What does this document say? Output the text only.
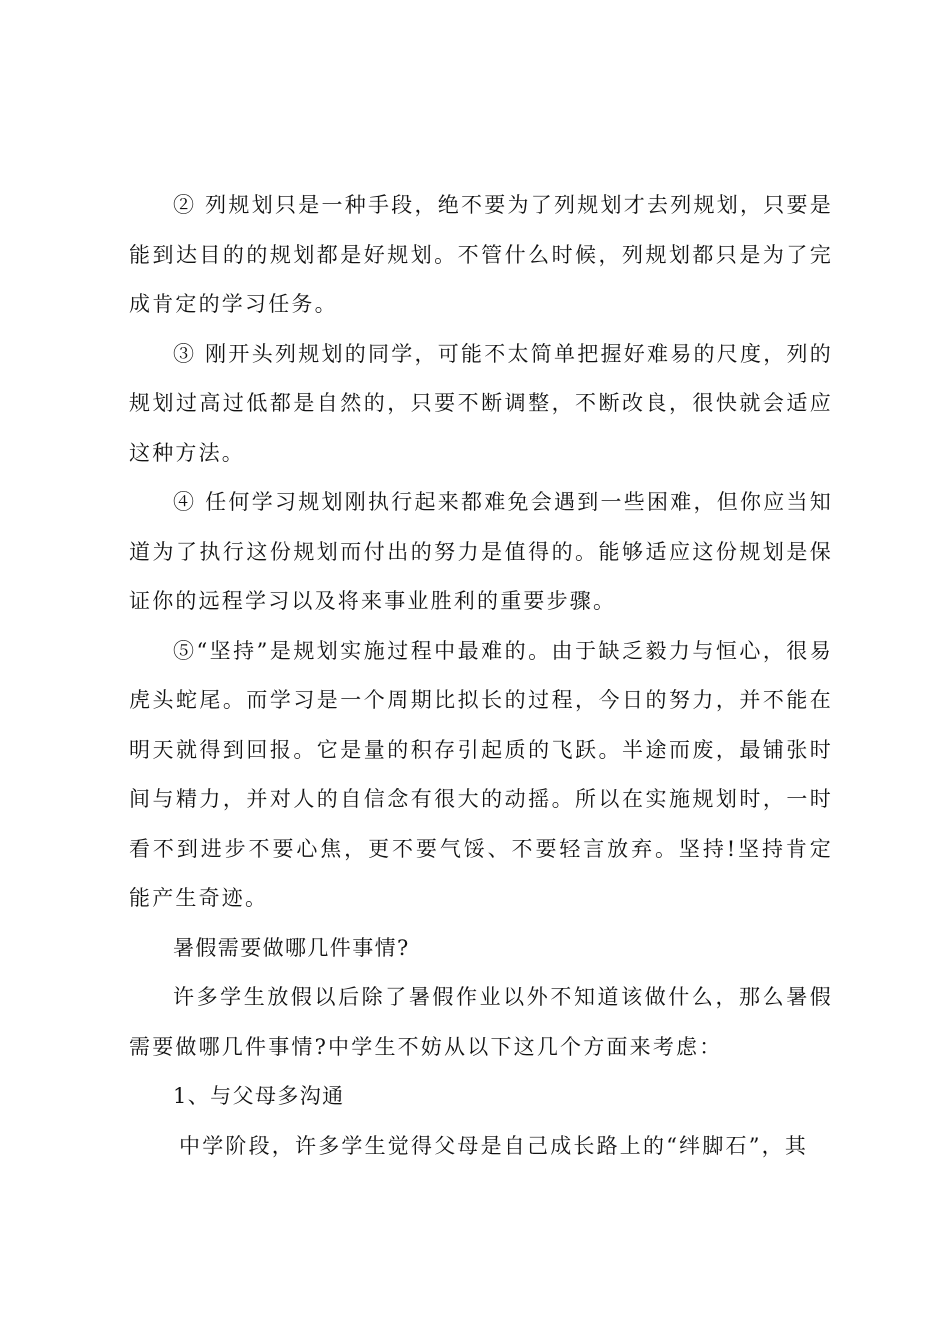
② 列规划只是一种手段，绝不要为了列规划才去列规划，只要是能到达目的的规划都是好规划。不管什么时候，列规划都只是为了完成肯定的学习任务。

③ 刚开头列规划的同学，可能不太简单把握好难易的尺度，列的规划过高过低都是自然的，只要不断调整，不断改良，很快就会适应这种方法。

④ 任何学习规划刚执行起来都难免会遇到一些困难，但你应当知道为了执行这份规划而付出的努力是值得的。能够适应这份规划是保证你的远程学习以及将来事业胜利的重要步骤。

⑤“坚持”是规划实施过程中最难的。由于缺乏毅力与恒心，很易虎头蛇尾。而学习是一个周期比拟长的过程，今日的努力，并不能在明天就得到回报。它是量的积存引起质的飞跃。半途而废，最铺张时间与精力，并对人的自信念有很大的动摇。所以在实施规划时，一时看不到进步不要心焦，更不要气馁、不要轻言放弃。坚持!坚持肯定能产生奇迹。

暑假需要做哪几件事情?

许多学生放假以后除了暑假作业以外不知道该做什么，那么暑假需要做哪几件事情?中学生不妨从以下这几个方面来考虑：

1、与父母多沟通

中学阶段，许多学生觉得父母是自己成长路上的“绊脚石”，其
